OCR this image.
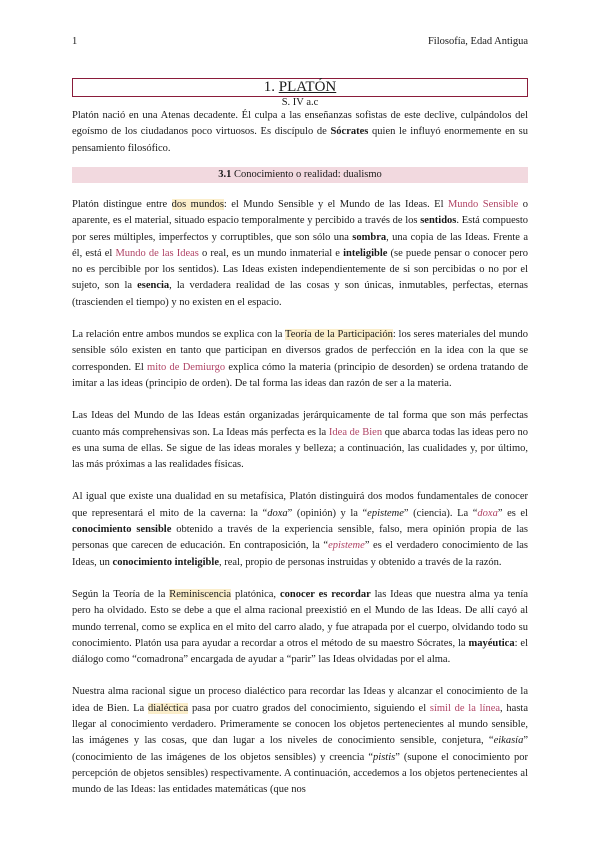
1	Filosofía, Edad Antigua
1. PLATÓN
S. IV a.c

Platón nació en una Atenas decadente. Él culpa a las enseñanzas sofistas de este declive, culpándolos del egoísmo de los ciudadanos poco virtuosos. Es discípulo de Sócrates quien le influyó enormemente en su pensamiento filosófico.

3.1 Conocimiento o realidad: dualismo

Platón distingue entre dos mundos: el Mundo Sensible y el Mundo de las Ideas. El Mundo Sensible o aparente, es el material, situado espacio temporalmente y percibido a través de los sentidos. Está compuesto por seres múltiples, imperfectos y corruptibles, que son sólo una sombra, una copia de las Ideas. Frente a él, está el Mundo de las Ideas o real, es un mundo inmaterial e inteligible (se puede pensar o conocer pero no es percibible por los sentidos). Las Ideas existen independientemente de si son percibidas o no por el sujeto, son la esencia, la verdadera realidad de las cosas y son únicas, inmutables, perfectas, eternas (trascienden el tiempo) y no existen en el espacio.

La relación entre ambos mundos se explica con la Teoría de la Participación: los seres materiales del mundo sensible sólo existen en tanto que participan en diversos grados de perfección en la idea con la que se corresponden. El mito de Demiurgo explica cómo la materia (principio de desorden) se ordena tratando de imitar a las ideas (principio de orden). De tal forma las ideas dan razón de ser a la materia.

Las Ideas del Mundo de las Ideas están organizadas jerárquicamente de tal forma que son más perfectas cuanto más comprehensivas son. La Ideas más perfecta es la Idea de Bien que abarca todas las ideas pero no es una suma de ellas. Se sigue de las ideas morales y belleza; a continuación, las cualidades y, por último, las más próximas a las realidades físicas.

Al igual que existe una dualidad en su metafísica, Platón distinguirá dos modos fundamentales de conocer que representará el mito de la caverna: la “doxa” (opinión) y la “episteme” (ciencia). La “doxa” es el conocimiento sensible obtenido a través de la experiencia sensible, falso, mera opinión propia de las personas que carecen de educación. En contraposición, la “episteme” es el verdadero conocimiento de las Ideas, un conocimiento inteligible, real, propio de personas instruidas y obtenido a través de la razón.

Según la Teoría de la Reminiscencia platónica, conocer es recordar las Ideas que nuestra alma ya tenía pero ha olvidado. Esto se debe a que el alma racional preexistió en el Mundo de las Ideas. De allí cayó al mundo terrenal, como se explica en el mito del carro alado, y fue atrapada por el cuerpo, olvidando todo su conocimiento. Platón usa para ayudar a recordar a otros el método de su maestro Sócrates, la mayéutica: el diálogo como “comadrona” encargada de ayudar a “parir” las Ideas olvidadas por el alma.

Nuestra alma racional sigue un proceso dialéctico para recordar las Ideas y alcanzar el conocimiento de la idea de Bien. La dialéctica pasa por cuatro grados del conocimiento, siguiendo el símil de la línea, hasta llegar al conocimiento verdadero. Primeramente se conocen los objetos pertenecientes al mundo sensible, las imágenes y las cosas, que dan lugar a los niveles de conocimiento sensible, conjetura, “eikasía” (conocimiento de las imágenes de los objetos sensibles) y creencia “pistis” (supone el conocimiento por percepción de objetos sensibles) respectivamente. A continuación, accedemos a los objetos pertenecientes al mundo de las Ideas: las entidades matemáticas (que nos
